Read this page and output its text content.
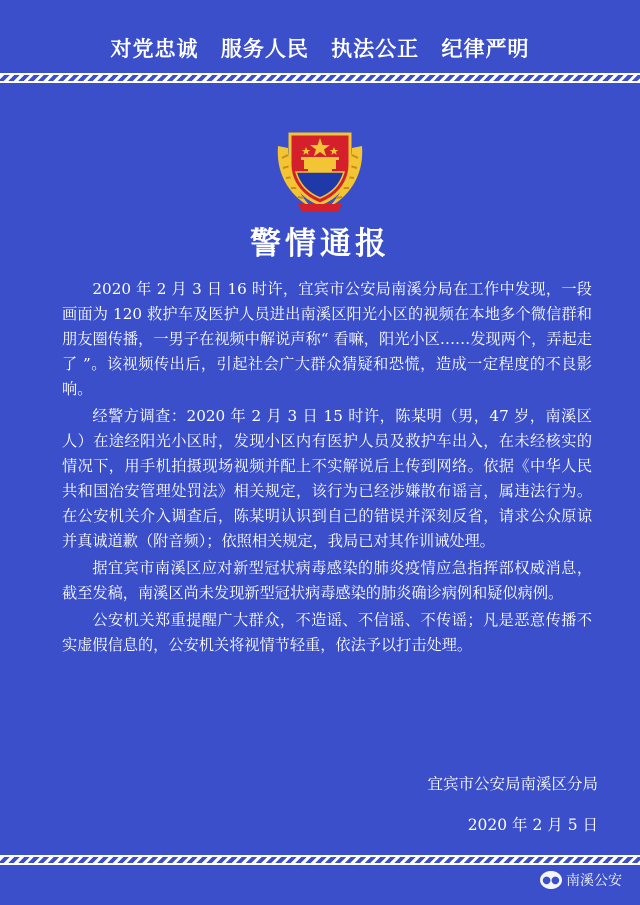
对党忠诚 服务人民 执法公正 纪律严明
警情通报

2020 年 2 月 3 日 16 时许，宜宾市公安局南溪分局在工作中发现，一段画面为 120 救护车及医护人员进出南溪区阳光小区的视频在本地多个微信群和朋友圈传播，一男子在视频中解说声称“ 看嘛，阳光小区……发现两个，弄起走了 ”。该视频传出后，引起社会广大群众猜疑和恐慌，造成一定程度的不良影响。

经警方调查：2020 年 2 月 3 日 15 时许，陈某明（男，47 岁，南溪区人）在途经阳光小区时，发现小区内有医护人员及救护车出入，在未经核实的情况下，用手机拍摄现场视频并配上不实解说后上传到网络。依据《中华人民共和国治安管理处罚法》相关规定，该行为已经涉嫌散布谣言，属违法行为。在公安机关介入调查后，陈某明认识到自己的错误并深刻反省，请求公众原谅并真诚道歉（附音频）；依照相关规定，我局已对其作训诫处理。

据宜宾市南溪区应对新型冠状病毒感染的肺炎疫情应急指挥部权威消息，截至发稿，南溪区尚未发现新型冠状病毒感染的肺炎确诊病例和疑似病例。

公安机关郑重提醒广大群众，不造谣、不信谣、不传谣；凡是恶意传播不实虚假信息的，公安机关将视情节轻重，依法予以打击处理。

宜宾市公安局南溪区分局
2020 年 2 月 5 日
●● 南溪公安
